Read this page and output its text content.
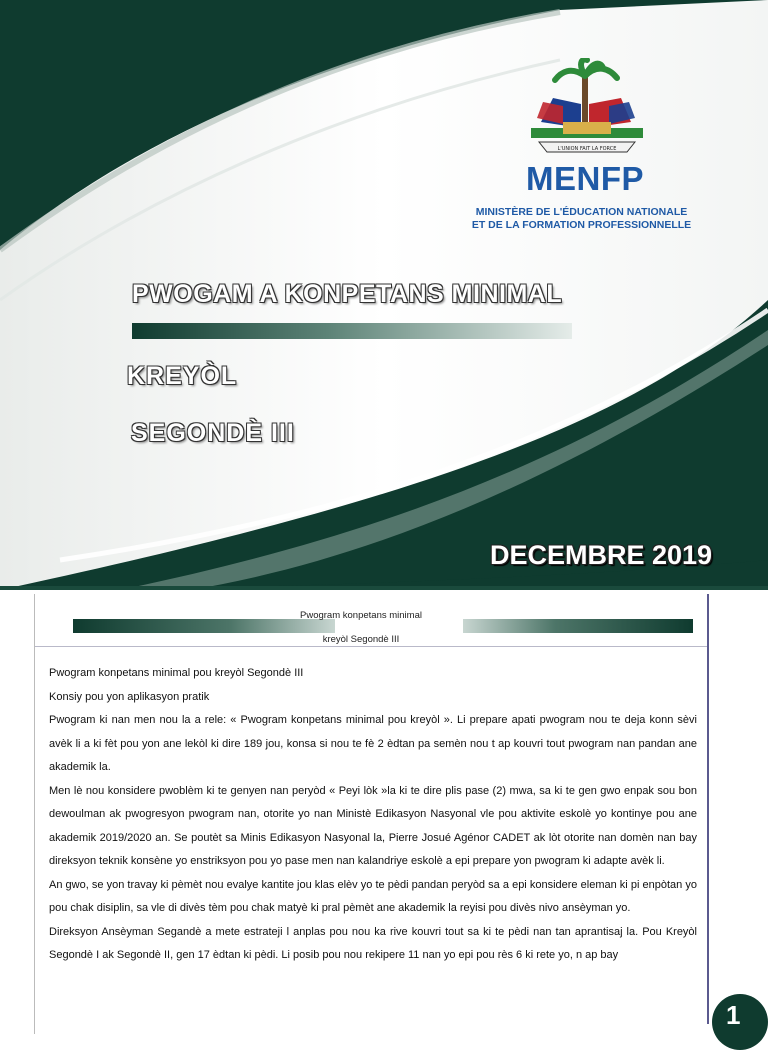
L'UNION FAIT LA FORCE
MENFP
MINISTÈRE DE L'ÉDUCATION NATIONALE
ET DE LA FORMATION PROFESSIONNELLE
PWOGAM A KONPETANS MINIMAL
KREYÒL
SEGONDÈ III
DECEMBRE 2019
Pwogram konpetans minimal
kreyòl Segondè III

Pwogram konpetans minimal pou kreyòl Segondè III

Konsiy pou yon aplikasyon pratik

Pwogram ki nan men nou la a rele: « Pwogram konpetans minimal pou kreyòl ». Li prepare apati pwogram nou te deja konn sèvi avèk li a ki fèt pou yon ane lekòl ki dire 189 jou, konsa si nou te fè 2 èdtan pa semèn nou t ap kouvri tout pwogram nan pandan ane akademik la.

Men lè nou konsidere pwoblèm ki te genyen nan peryòd « Peyi lòk »la ki te dire plis pase (2) mwa, sa ki te gen gwo enpak sou bon dewoulman ak pwogresyon pwogram nan, otorite yo nan Ministè Edikasyon Nasyonal vle pou aktivite eskolè yo kontinye pou ane akademik 2019/2020 an. Se poutèt sa Minis Edikasyon Nasyonal la, Pierre Josué Agénor CADET ak lòt otorite nan domèn nan bay direksyon teknik konsène yo enstriksyon pou yo pase men nan kalandriye eskolè a epi prepare yon pwogram ki adapte avèk li.

An gwo, se yon travay ki pèmèt nou evalye kantite jou klas elèv yo te pèdi pandan peryòd sa a epi konsidere eleman ki pi enpòtan yo pou chak disiplin, sa vle di divès tèm pou chak matyè ki pral pèmèt ane akademik la reyisi pou divès nivo ansèyman yo.

Direksyon Ansèyman Segandè a mete estrateji l anplas pou nou ka rive kouvri tout sa ki te pèdi nan tan aprantisaj la. Pou Kreyòl Segondè I ak Segondè II, gen 17 èdtan ki pèdi. Li posib pou nou rekipere 11 nan yo epi pou rès 6 ki rete yo, n ap bay

1
